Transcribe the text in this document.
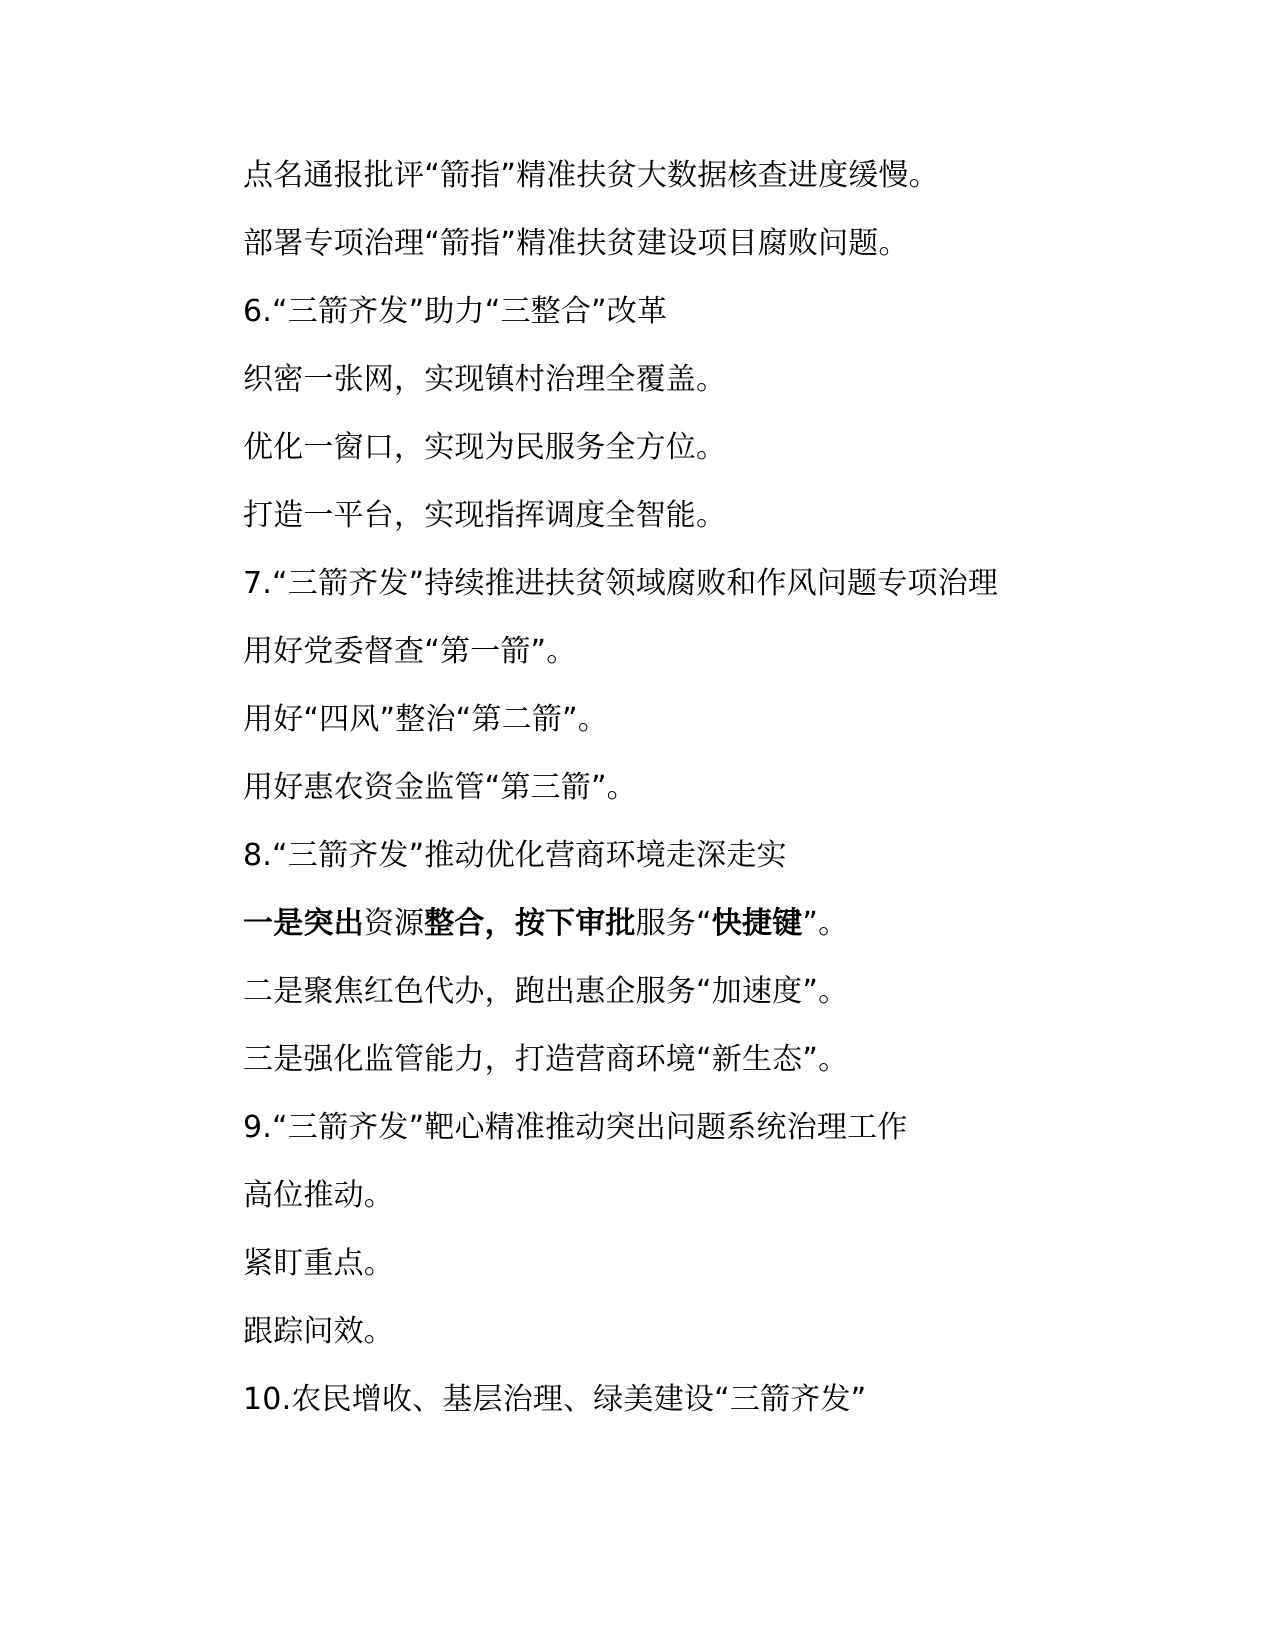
点名通报批评“箭指”精准扶贫大数据核查进度缓慢。
部署专项治理“箭指”精准扶贫建设项目腐败问题。
6.“三箭齐发”助力“三整合”改革
织密一张网，实现镇村治理全覆盖。
优化一窗口，实现为民服务全方位。
打造一平台，实现指挥调度全智能。
7.“三箭齐发”持续推进扶贫领域腐败和作风问题专项治理
用好党委督查“第一箭”。
用好“四风”整治“第二箭”。
用好惠农资金监管“第三箭”。
8.“三箭齐发”推动优化营商环境走深走实
一是突出资源整合，按下审批服务“快捷键”。
二是聚焦红色代办，跑出惠企服务“加速度”。
三是强化监管能力，打造营商环境“新生态”。
9.“三箭齐发”靶心精准推动突出问题系统治理工作
高位推动。
紧盯重点。
跟踪问效。
10.农民增收、基层治理、绿美建设“三箭齐发”
